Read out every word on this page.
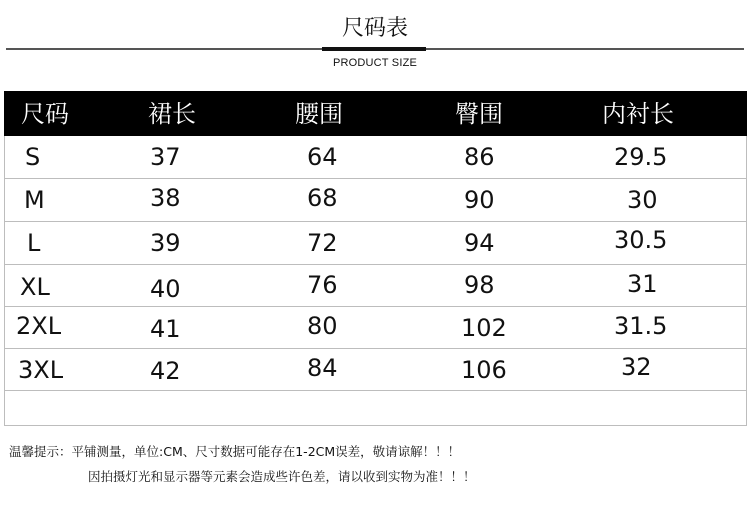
尺码表
PRODUCT SIZE
尺码	裙长	腰围	臀围	内衬长
S	37	64	86	29.5
M	38	68	90	30
L	39	72	94	30.5
XL	40	76	98	31
2XL	41	80	102	31.5
3XL	42	84	106	32
温馨提示：平铺测量，单位:CM、尺寸数据可能存在1-2CM误差，敬请谅解！！！
因拍摄灯光和显示器等元素会造成些许色差，请以收到实物为准！！！
